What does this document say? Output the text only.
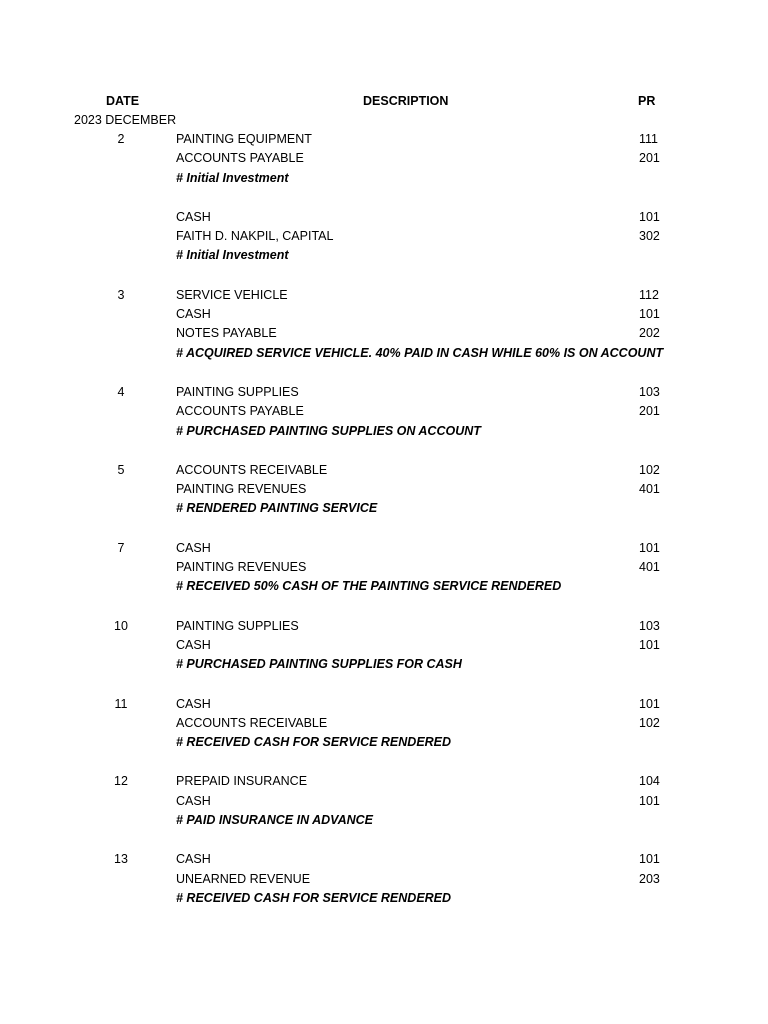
DATE	DESCRIPTION	PR
2023 DECEMBER
2	PAINTING EQUIPMENT	111
ACCOUNTS PAYABLE	201
# Initial Investment
CASH	101
FAITH D. NAKPIL, CAPITAL	302
# Initial Investment
3	SERVICE VEHICLE	112
CASH	101
NOTES PAYABLE	202
# ACQUIRED SERVICE VEHICLE. 40% PAID IN CASH WHILE 60% IS ON ACCOUNT
4	PAINTING SUPPLIES	103
ACCOUNTS PAYABLE	201
# PURCHASED PAINTING SUPPLIES ON ACCOUNT
5	ACCOUNTS RECEIVABLE	102
PAINTING REVENUES	401
# RENDERED PAINTING SERVICE
7	CASH	101
PAINTING REVENUES	401
# RECEIVED 50% CASH OF THE PAINTING SERVICE RENDERED
10	PAINTING SUPPLIES	103
CASH	101
# PURCHASED PAINTING SUPPLIES FOR CASH
11	CASH	101
ACCOUNTS RECEIVABLE	102
# RECEIVED CASH FOR SERVICE RENDERED
12	PREPAID INSURANCE	104
CASH	101
# PAID INSURANCE IN ADVANCE
13	CASH	101
UNEARNED REVENUE	203
# RECEIVED CASH FOR SERVICE RENDERED
